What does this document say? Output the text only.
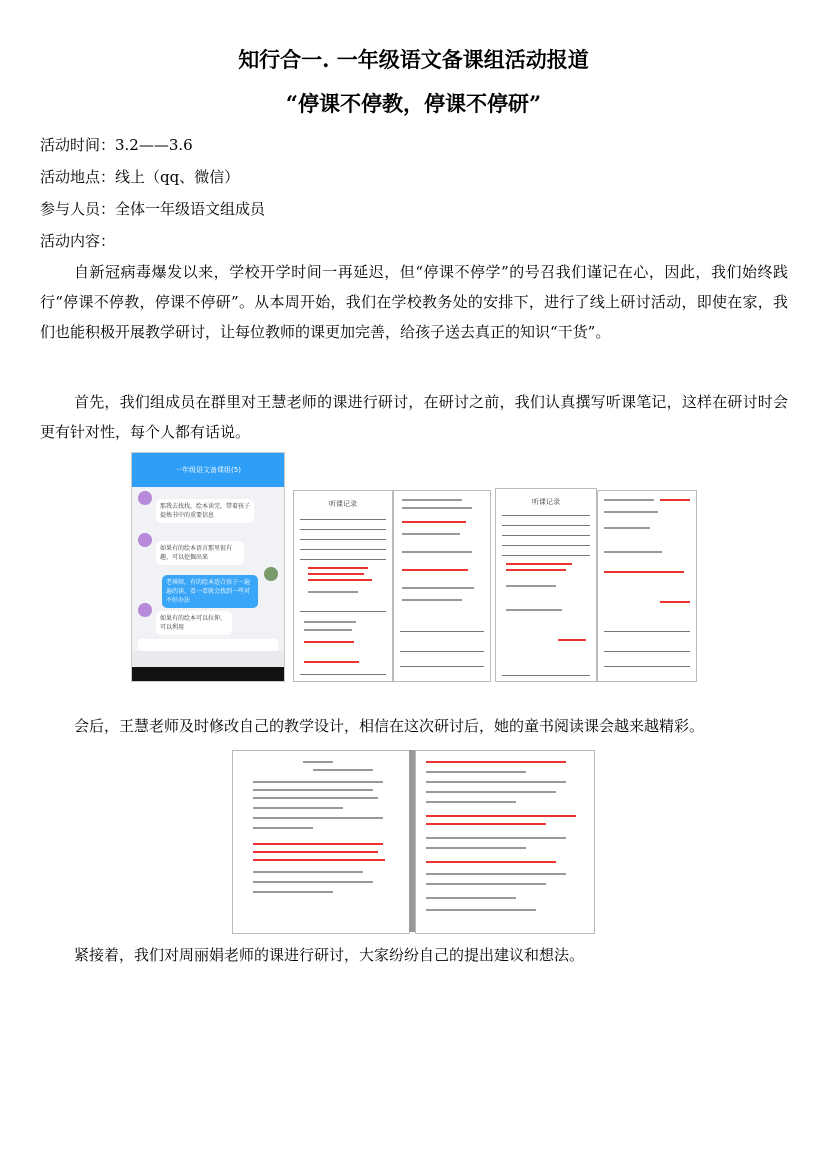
知行合一. 一年级语文备课组活动报道
“停课不停教，停课不停研”
活动时间：3.2——3.6
活动地点：线上（qq、微信）
参与人员：全体一年级语文组成员
活动内容：
自新冠病毒爆发以来，学校开学时间一再延迟，但“停课不停学”的号召我们谨记在心，因此，我们始终践行“停课不停教，停课不停研”。从本周开始，我们在学校教务处的安排下，进行了线上研讨活动，即使在家，我们也能积极开展教学研讨，让每位教师的课更加完善，给孩子送去真正的知识“干货”。
首先，我们组成员在群里对王慧老师的课进行研讨，在研讨之前，我们认真撰写听课笔记，这样在研讨时会更有针对性，每个人都有话说。
一年级语文备课组(5)
那我去找找，绘本读完，带着孩子提炼书中的重要信息
如果有的绘本语言那里很有趣，可以挖掘出来
老琪师，有的绘本适合孩子一遍遍的读，看一看就会找到一些对不好办法
如果有的绘本可以拉伸，可以利用
听课记录	听课记录
会后，王慧老师及时修改自己的教学设计，相信在这次研讨后，她的童书阅读课会越来越精彩。
紧接着，我们对周丽娟老师的课进行研讨，大家纷纷自己的提出建议和想法。
